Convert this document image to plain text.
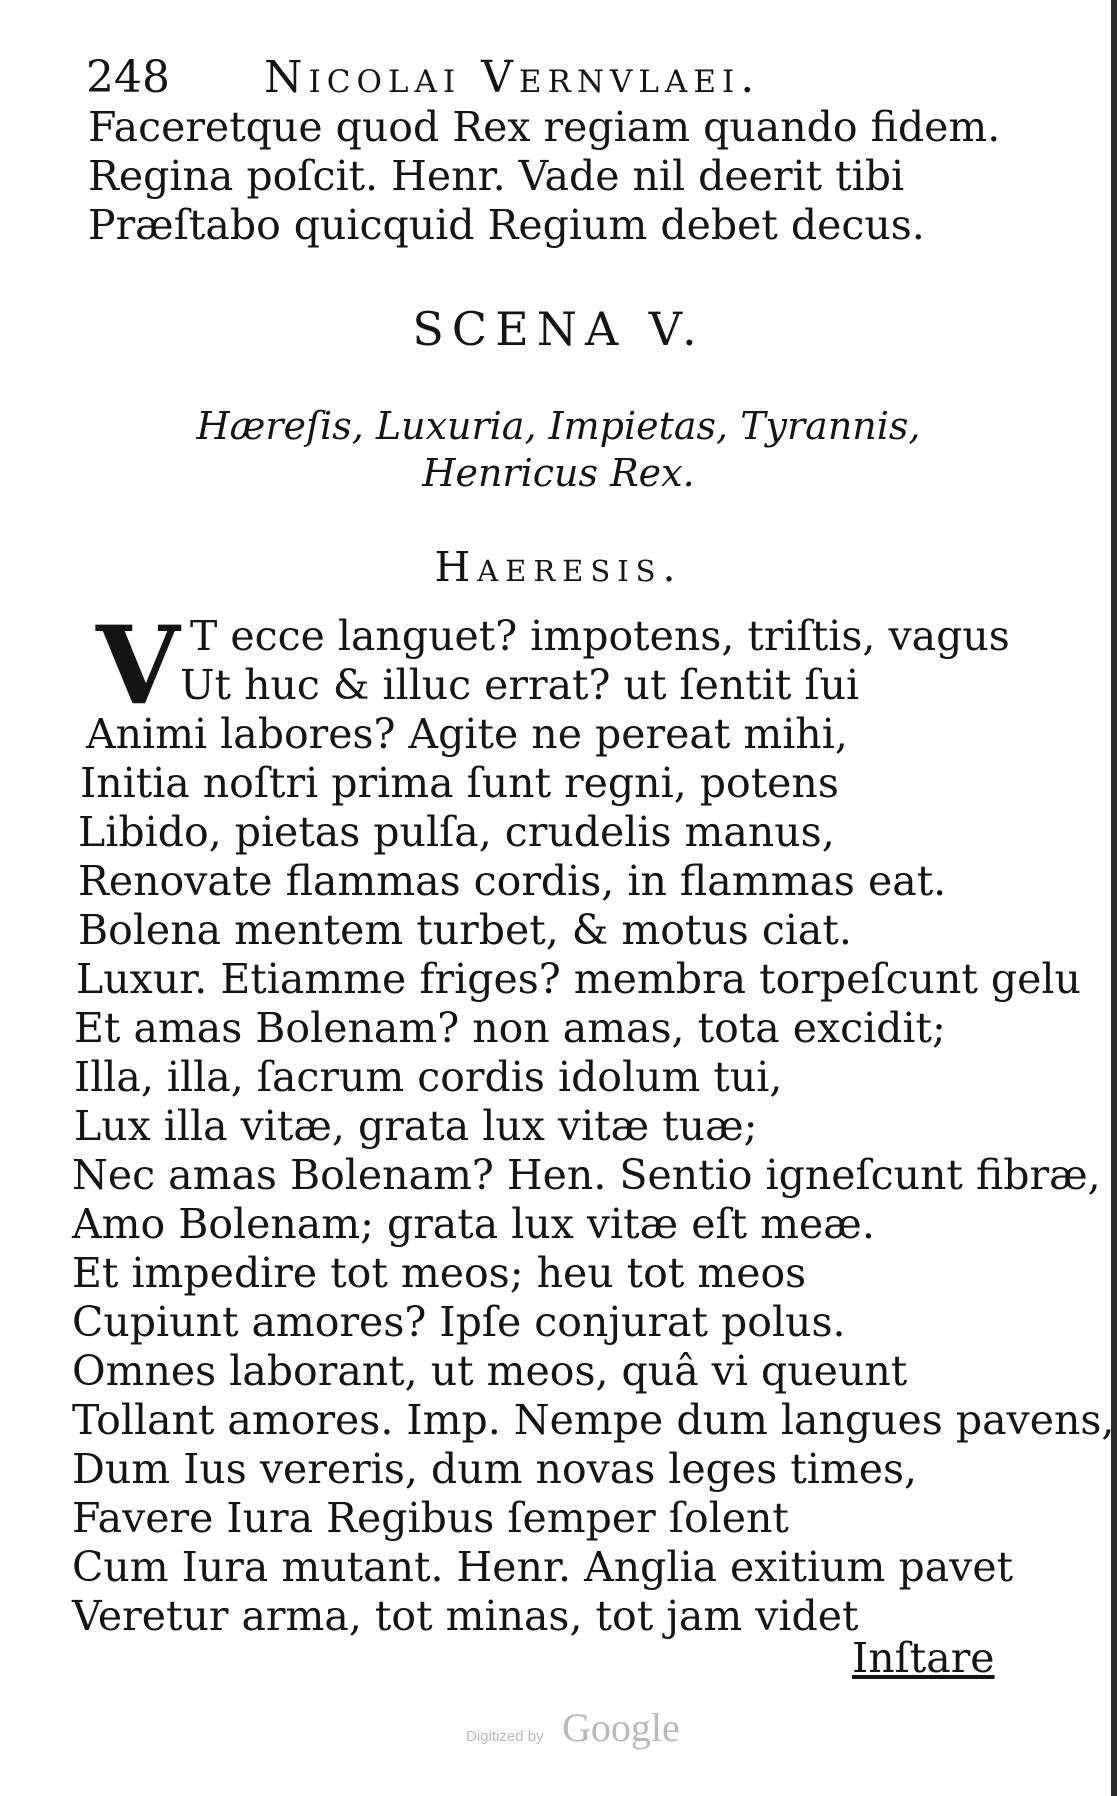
248 Nicolai Vernvlaei.
Faceretque quod Rex regiam quando fidem.
Regina poſcit. Henr. Vade nil deerit tibi
Præſtabo quicquid Regium debet decus.
SCENA V.
Hæreſis, Luxuria, Impietas, Tyrannis,
Henricus Rex.
Haeresis.
V T ecce languet? impotens, triſtis, vagus
Ut huc & illuc errat? ut ſentit ſui
Animi labores? Agite ne pereat mihi,
Initia noſtri prima ſunt regni, potens
Libido, pietas pulſa, crudelis manus,
Renovate flammas cordis, in flammas eat.
Bolena mentem turbet, & motus ciat.
Luxur. Etiamme friges? membra torpeſcunt gelu
Et amas Bolenam? non amas, tota excidit;
Illa, illa, ſacrum cordis idolum tui,
Lux illa vitæ, grata lux vitæ tuæ;
Nec amas Bolenam? Hen. Sentio igneſcunt fibræ,
Amo Bolenam; grata lux vitæ eſt meæ.
Et impedire tot meos; heu tot meos
Cupiunt amores? Ipſe conjurat polus.
Omnes laborant, ut meos, quâ vi queunt
Tollant amores. Imp. Nempe dum langues pavens,
Dum Ius vereris, dum novas leges times,
Favere Iura Regibus ſemper ſolent
Cum Iura mutant. Henr. Anglia exitium pavet
Veretur arma, tot minas, tot jam videt
Inſtare
Digitized by Google
